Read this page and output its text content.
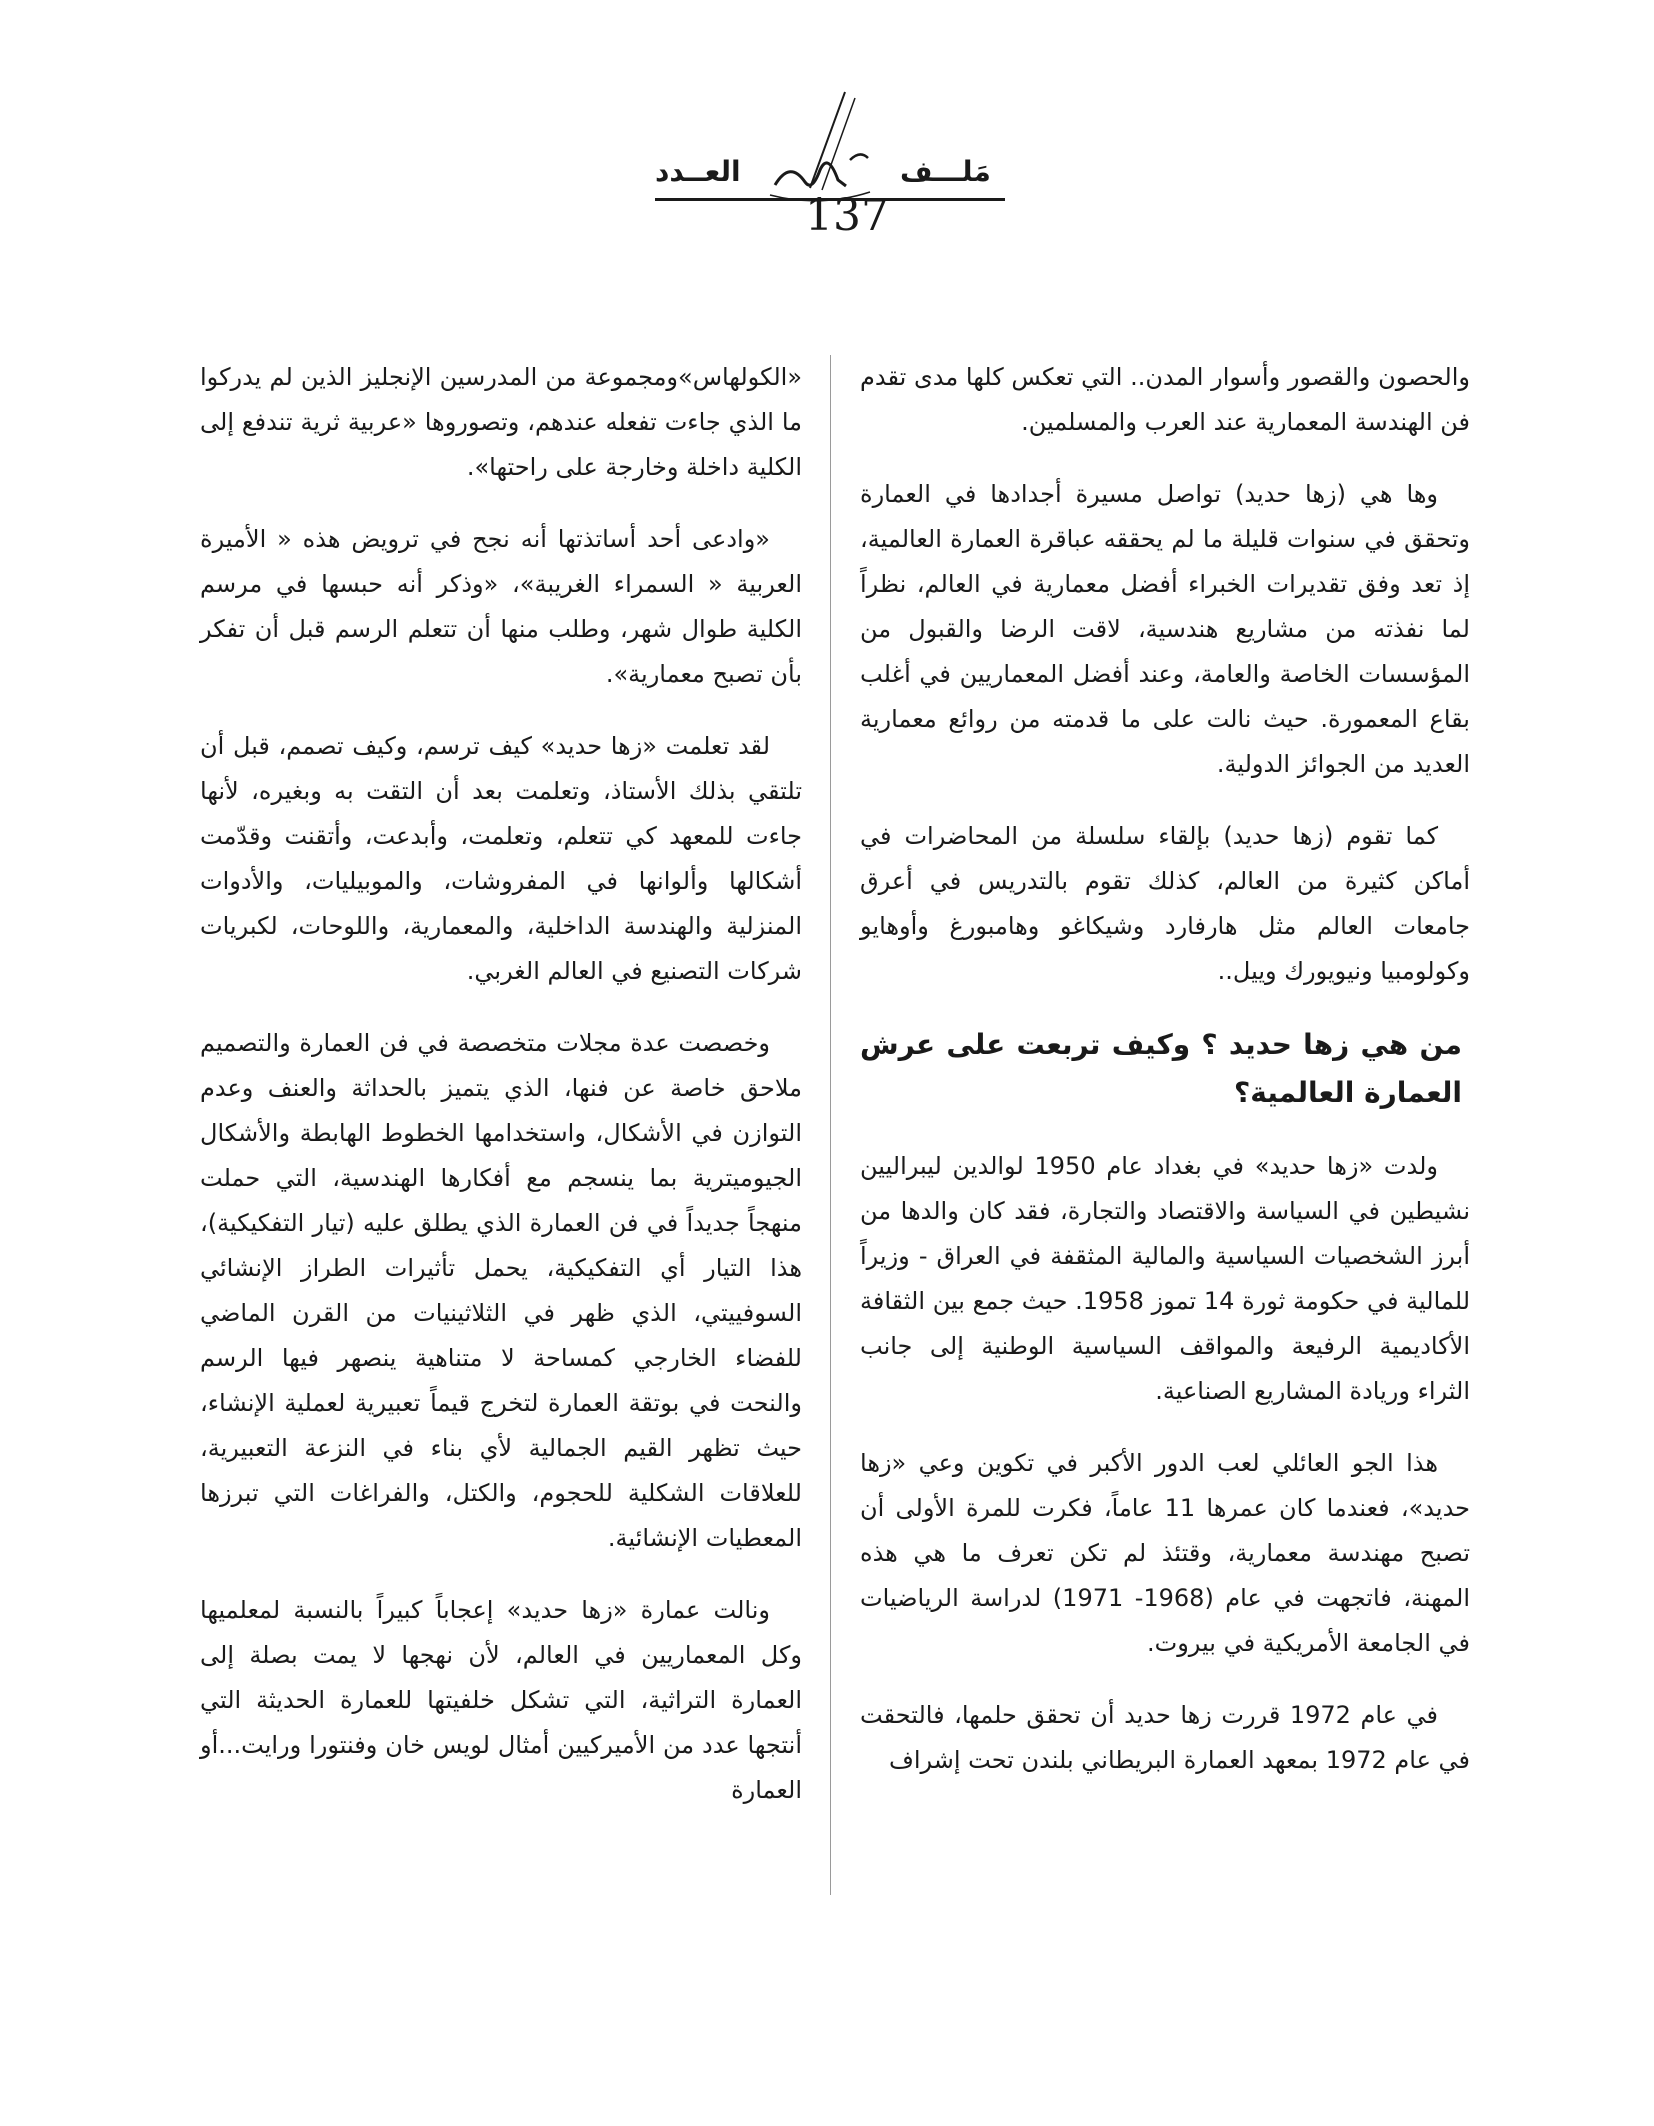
العــدد	مَلـــف
137

والحصون والقصور وأسوار المدن.. التي تعكس كلها مدى تقدم فن الهندسة المعمارية عند العرب والمسلمين.

وها هي (زها حديد) تواصل مسيرة أجدادها في العمارة وتحقق في سنوات قليلة ما لم يحققه عباقرة العمارة العالمية، إذ تعد وفق تقديرات الخبراء أفضل معمارية في العالم، نظراً لما نفذته من مشاريع هندسية، لاقت الرضا والقبول من المؤسسات الخاصة والعامة، وعند أفضل المعماريين في أغلب بقاع المعمورة. حيث نالت على ما قدمته من روائع معمارية العديد من الجوائز الدولية.

كما تقوم (زها حديد) بإلقاء سلسلة من المحاضرات في أماكن كثيرة من العالم، كذلك تقوم بالتدريس في أعرق جامعات العالم مثل هارفارد وشيكاغو وهامبورغ وأوهايو وكولومبيا ونيويورك وييل..

من هي زها حديد ؟ وكيف تربعت على عرش العمارة العالمية؟

ولدت «زها حديد» في بغداد عام 1950 لوالدين ليبراليين نشيطين في السياسة والاقتصاد والتجارة، فقد كان والدها من أبرز الشخصيات السياسية والمالية المثقفة في العراق - وزيراً للمالية في حكومة ثورة 14 تموز 1958. حيث جمع بين الثقافة الأكاديمية الرفيعة والمواقف السياسية الوطنية إلى جانب الثراء وريادة المشاريع الصناعية.

هذا الجو العائلي لعب الدور الأكبر في تكوين وعي «زها حديد»، فعندما كان عمرها 11 عاماً، فكرت للمرة الأولى أن تصبح مهندسة معمارية، وقتئذ لم تكن تعرف ما هي هذه المهنة، فاتجهت في عام (1968- 1971) لدراسة الرياضيات في الجامعة الأمريكية في بيروت.

في عام 1972 قررت زها حديد أن تحقق حلمها، فالتحقت في عام 1972 بمعهد العمارة البريطاني بلندن تحت إشراف

«الكولهاس»ومجموعة من المدرسين الإنجليز الذين لم يدركوا ما الذي جاءت تفعله عندهم، وتصوروها «عربية ثرية تندفع إلى الكلية داخلة وخارجة على راحتها».

«وادعى أحد أساتذتها أنه نجح في ترويض هذه « الأميرة العربية « السمراء الغريبة»، «وذكر أنه حبسها في مرسم الكلية طوال شهر، وطلب منها أن تتعلم الرسم قبل أن تفكر بأن تصبح معمارية».

لقد تعلمت «زها حديد» كيف ترسم، وكيف تصمم، قبل أن تلتقي بذلك الأستاذ، وتعلمت بعد أن التقت به وبغيره، لأنها جاءت للمعهد كي تتعلم، وتعلمت، وأبدعت، وأتقنت وقدّمت أشكالها وألوانها في المفروشات، والموبيليات، والأدوات المنزلية والهندسة الداخلية، والمعمارية، واللوحات، لكبريات شركات التصنيع في العالم الغربي.

وخصصت عدة مجلات متخصصة في فن العمارة والتصميم ملاحق خاصة عن فنها، الذي يتميز بالحداثة والعنف وعدم التوازن في الأشكال، واستخدامها الخطوط الهابطة والأشكال الجيوميترية بما ينسجم مع أفكارها الهندسية، التي حملت منهجاً جديداً في فن العمارة الذي يطلق عليه (تيار التفكيكية)، هذا التيار أي التفكيكية، يحمل تأثيرات الطراز الإنشائي السوفييتي، الذي ظهر في الثلاثينيات من القرن الماضي للفضاء الخارجي كمساحة لا متناهية ينصهر فيها الرسم والنحت في بوتقة العمارة لتخرج قيماً تعبيرية لعملية الإنشاء، حيث تظهر القيم الجمالية لأي بناء في النزعة التعبيرية، للعلاقات الشكلية للحجوم، والكتل، والفراغات التي تبرزها المعطيات الإنشائية.

ونالت عمارة «زها حديد» إعجاباً كبيراً بالنسبة لمعلميها وكل المعماريين في العالم، لأن نهجها لا يمت بصلة إلى العمارة التراثية، التي تشكل خلفيتها للعمارة الحديثة التي أنتجها عدد من الأميركيين أمثال لويس خان وفنتورا ورايت...أو العمارة
